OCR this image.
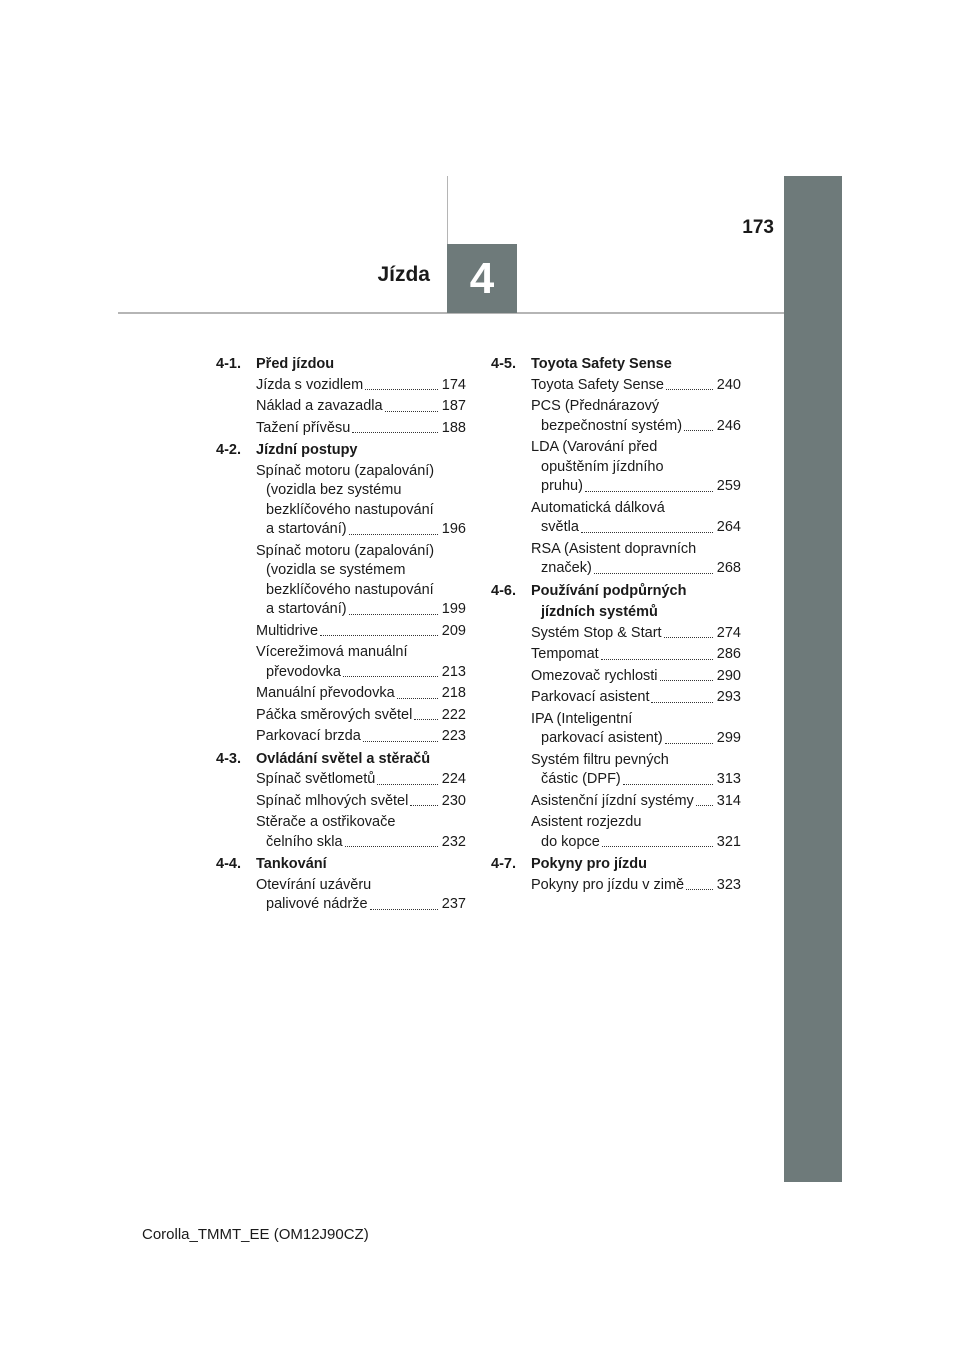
173
Jízda 4
4-1.	Před jízdou
Jízda s vozidlem	174
Náklad a zavazadla	187
Tažení přívěsu	188
4-2.	Jízdní postupy
Spínač motoru (zapalování)
(vozidla bez systému
bezklíčového nastupování
a startování)	196
Spínač motoru (zapalování)
(vozidla se systémem
bezklíčového nastupování
a startování)	199
Multidrive	209
Vícerežimová manuální
převodovka	213
Manuální převodovka	218
Páčka směrových světel 222
Parkovací brzda	223
4-3.	Ovládání světel a stěračů
Spínač světlometů	224
Spínač mlhových světel 230
Stěrače a ostřikovače
čelního skla	232
4-4.	Tankování
Otevírání uzávěru
palivové nádrže	237
4-5.	Toyota Safety Sense
Toyota Safety Sense	240
PCS (Přednárazový
bezpečnostní systém) 246
LDA (Varování před
opuštěním jízdního
pruhu)	259
Automatická dálková
světla	264
RSA (Asistent dopravních
značek)	268
4-6.	Používání podpůrných
jízdních systémů
Systém Stop & Start	274
Tempomat	286
Omezovač rychlosti	290
Parkovací asistent	293
IPA (Inteligentní
parkovací asistent)	299
Systém filtru pevných
částic (DPF)	313
Asistenční jízdní systémy 314
Asistent rozjezdu
do kopce	321
4-7.	Pokyny pro jízdu
Pokyny pro jízdu v zimě 323
Corolla_TMMT_EE (OM12J90CZ)
